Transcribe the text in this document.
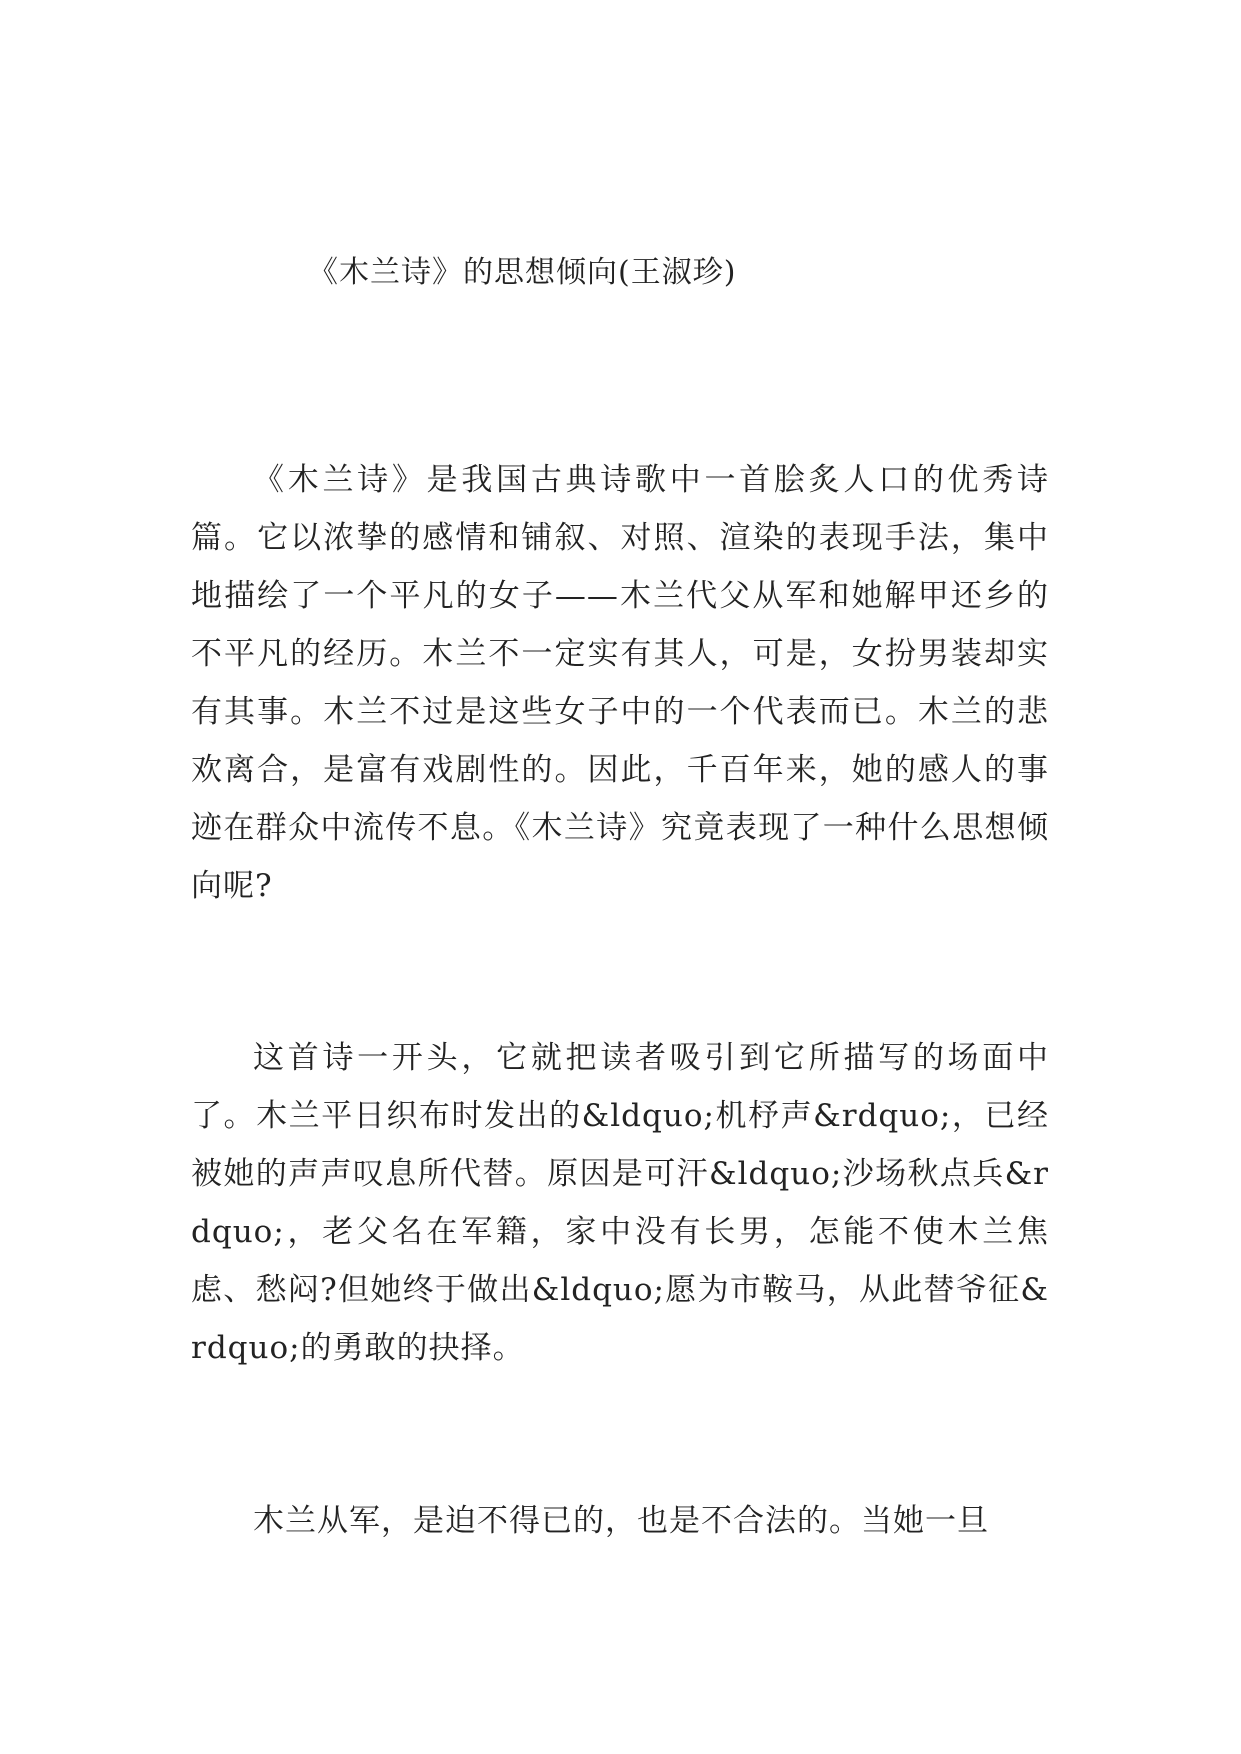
《木兰诗》的思想倾向(王淑珍)

《木兰诗》是我国古典诗歌中一首脍炙人口的优秀诗篇。它以浓挚的感情和铺叙、对照、渲染的表现手法，集中地描绘了一个平凡的女子——木兰代父从军和她解甲还乡的不平凡的经历。木兰不一定实有其人，可是，女扮男装却实有其事。木兰不过是这些女子中的一个代表而已。木兰的悲欢离合，是富有戏剧性的。因此，千百年来，她的感人的事迹在群众中流传不息。《木兰诗》究竟表现了一种什么思想倾向呢?

这首诗一开头，它就把读者吸引到它所描写的场面中了。木兰平日织布时发出的&ldquo;机杼声&rdquo;，已经被她的声声叹息所代替。原因是可汗&ldquo;沙场秋点兵&rdquo;，老父名在军籍，家中没有长男，怎能不使木兰焦虑、愁闷?但她终于做出&ldquo;愿为市鞍马，从此替爷征&rdquo;的勇敢的抉择。

木兰从军，是迫不得已的，也是不合法的。当她一旦
